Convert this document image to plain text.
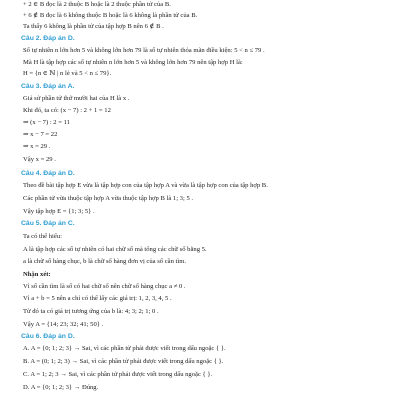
+ 2 ∈ B đọc là 2 thuộc B hoặc là 2 thuộc phần tử của B.
+ 6 ∉ B đọc là 6 không thuộc B hoặc là 6 không là phần tử của B.
Ta thấy 6 không là phần tử của tập hợp B nên 6 ∉ B .
Câu 2. Đáp án D.
Số tự nhiên n lớn hơn 5 và không lớn hơn 79 là số tự nhiên thỏa mãn điều kiện: 5 < n ≤ 79 .
Mà H là tập hợp các số tự nhiên n lớn hơn 5 và không lớn hơn 79 nên tập hợp H là:
H = {n ∈ ℕ | n lẻ và 5 < n ≤ 79}.
Câu 3. Đáp án A.
Giả sử phần tử thứ mười hai của H là x .
Khi đó, ta có: (x − 7) : 2 + 1 = 12
⇒ (x − 7) : 2 = 11
⇒ x − 7 = 22
⇒ x = 29 .
Vậy x = 29 .
Câu 4. Đáp án D.
Theo đề bài tập hợp E vừa là tập hợp con của tập hợp A và vừa là tập hợp con của tập hợp B.
Các phần tử vừa thuộc tập hợp A vừa thuộc tập hợp B là 1; 3; 5 .
Vậy tập hợp E = {1; 3; 5} .
Câu 5. Đáp án C.
Ta có thể hiểu:
A là tập hợp các số tự nhiên có hai chữ số mà tổng các chữ số bằng 5.
a là chữ số hàng chục, b là chữ số hàng đơn vị của số cần tìm.
Nhận xét:
Vì số cần tìm là số có hai chữ số nên chữ số hàng chục a ≠ 0 .
Vì a + b = 5 nên a chỉ có thể lấy các giá trị: 1, 2, 3, 4, 5 .
Từ đó ta có giá trị tương ứng của b là: 4; 3; 2; 1; 0 .
Vậy A = {14; 23; 32; 41; 50} .
Câu 6. Đáp án D.
A. A = {0; 1; 2; 3} → Sai, vì các phần tử phải được viết trong dấu ngoặc { }.
B. A = (0; 1; 2; 3) → Sai, vì các phần tử phải được viết trong dấu ngoặc { }.
C. A = 1; 2; 3 → Sai, vì các phần tử phải được viết trong dấu ngoặc { }.
D. A = {0; 1; 2; 3} → Đúng.
